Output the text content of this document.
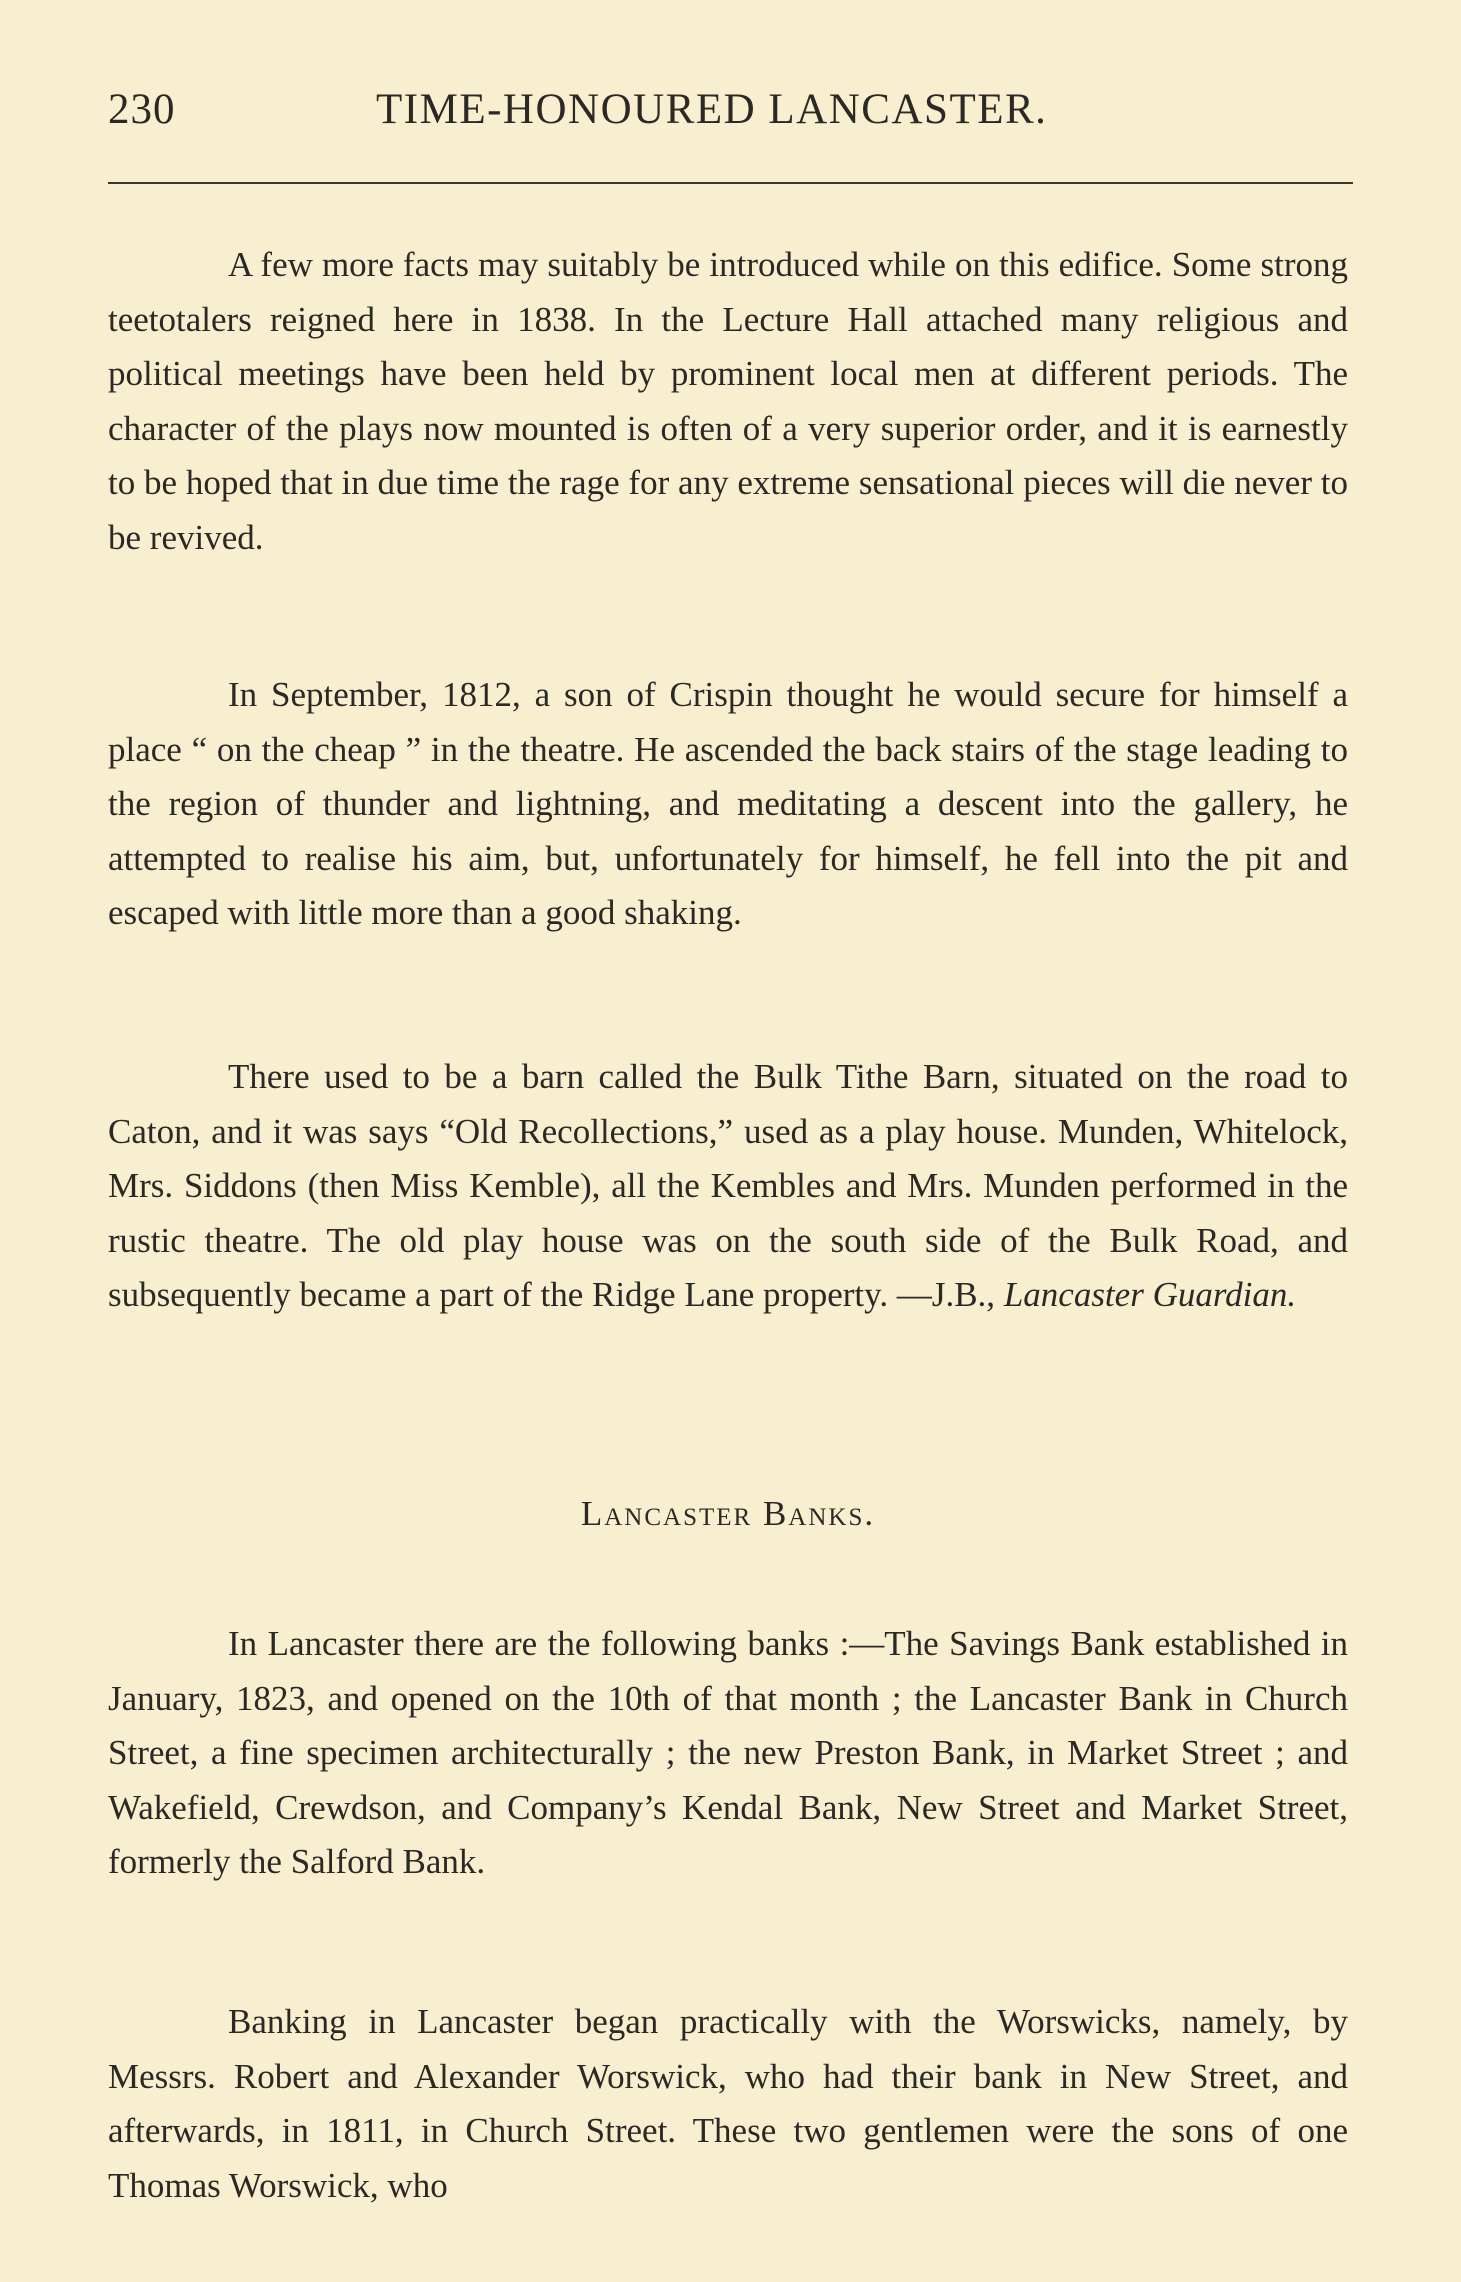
230	TIME-HONOURED LANCASTER.

A few more facts may suitably be introduced while on this edifice. Some strong teetotalers reigned here in 1838. In the Lecture Hall attached many religious and political meetings have been held by prominent local men at different periods. The character of the plays now mounted is often of a very superior order, and it is earnestly to be hoped that in due time the rage for any extreme sensational pieces will die never to be revived.

In September, 1812, a son of Crispin thought he would secure for himself a place “ on the cheap ” in the theatre. He ascended the back stairs of the stage leading to the region of thunder and lightning, and meditating a descent into the gallery, he attempted to realise his aim, but, unfortunately for himself, he fell into the pit and escaped with little more than a good shaking.

There used to be a barn called the Bulk Tithe Barn, situated on the road to Caton, and it was says “Old Recollections,” used as a play house. Munden, Whitelock, Mrs. Siddons (then Miss Kemble), all the Kembles and Mrs. Munden performed in the rustic theatre. The old play house was on the south side of the Bulk Road, and subsequently became a part of the Ridge Lane property. —J.B., Lancaster Guardian.
Lancaster Banks.

In Lancaster there are the following banks :—The Savings Bank established in January, 1823, and opened on the 10th of that month ; the Lancaster Bank in Church Street, a fine specimen architecturally ; the new Preston Bank, in Market Street ; and Wakefield, Crewdson, and Company’s Kendal Bank, New Street and Market Street, formerly the Salford Bank.

Banking in Lancaster began practically with the Worswicks, namely, by Messrs. Robert and Alexander Worswick, who had their bank in New Street, and afterwards, in 1811, in Church Street. These two gentlemen were the sons of one Thomas Worswick, who
